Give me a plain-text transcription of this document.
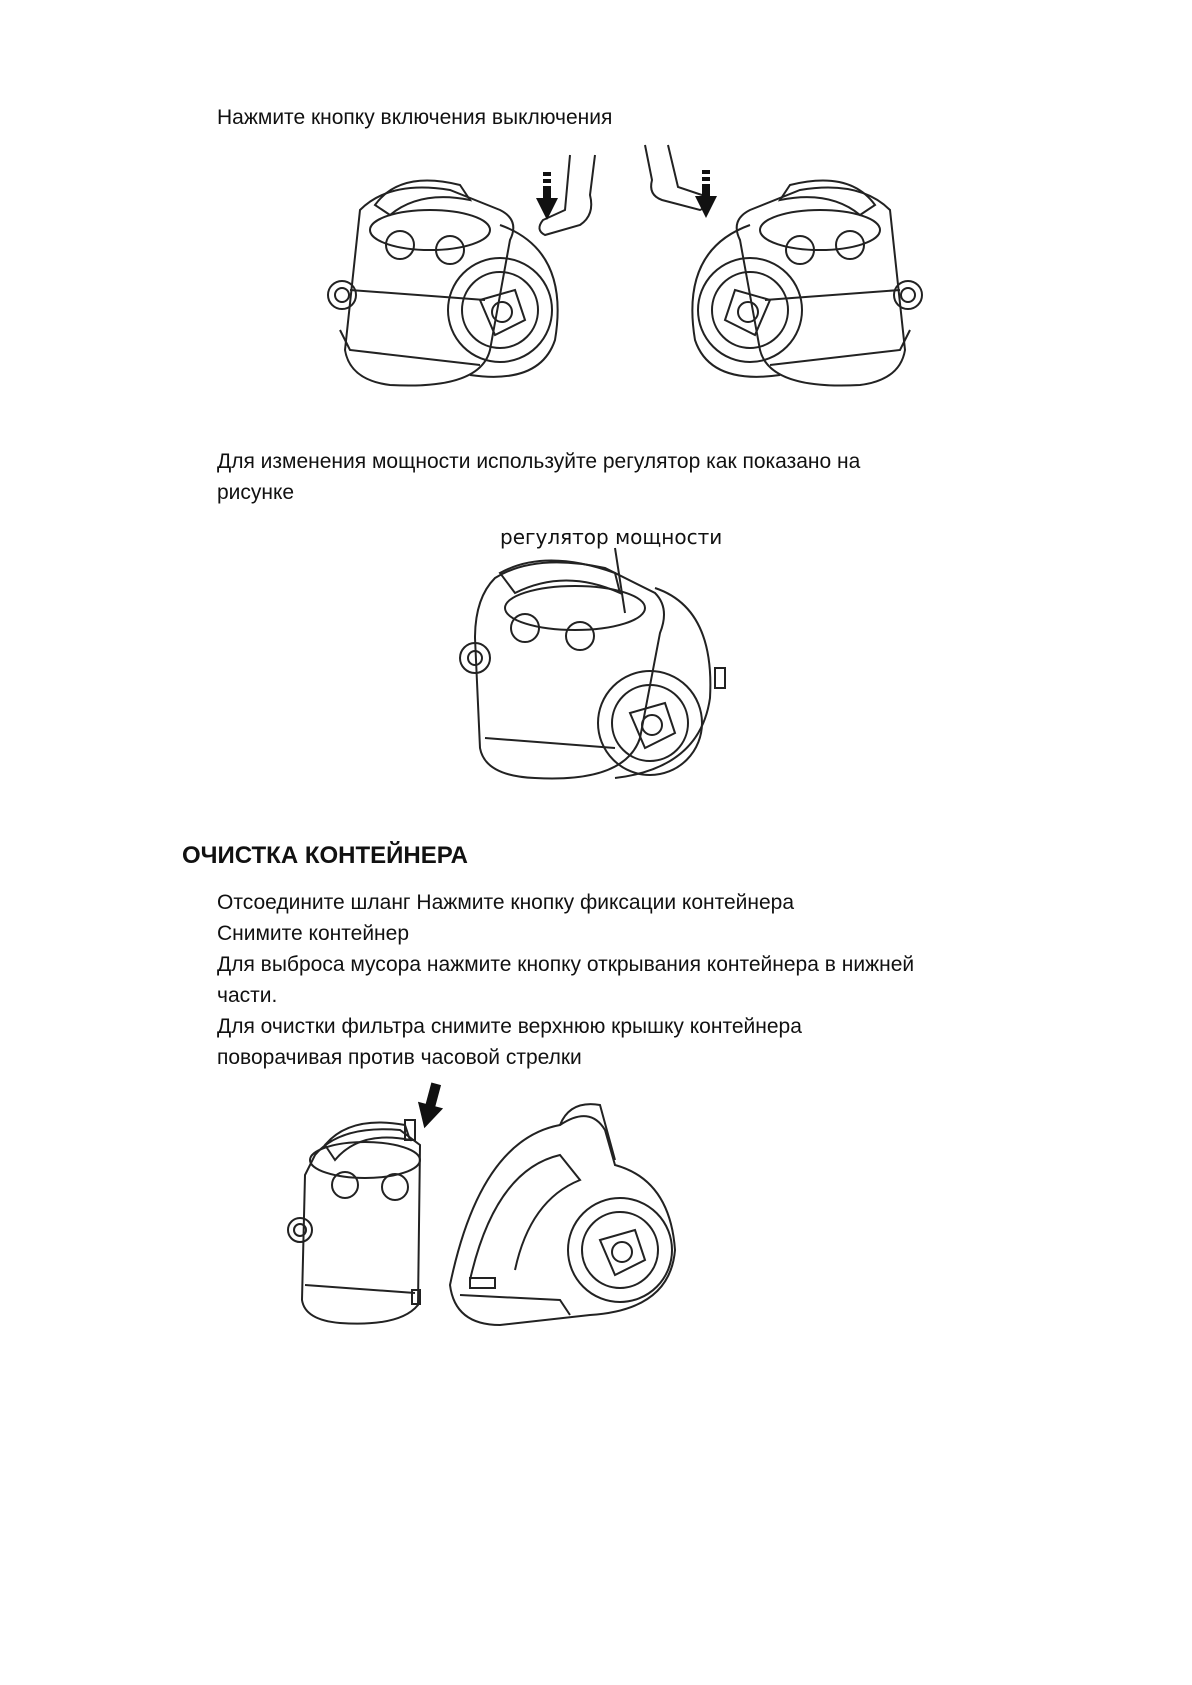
Нажмите кнопку включения выключения
Для изменения мощности используйте регулятор как показано на
рисунке
регулятор мощности
ОЧИСТКА КОНТЕЙНЕРА
Отсоедините шланг Нажмите кнопку фиксации контейнера
Снимите контейнер
Для выброса мусора нажмите кнопку открывания контейнера в нижней
части.
Для очистки фильтра снимите верхнюю крышку контейнера
поворачивая против часовой стрелки
